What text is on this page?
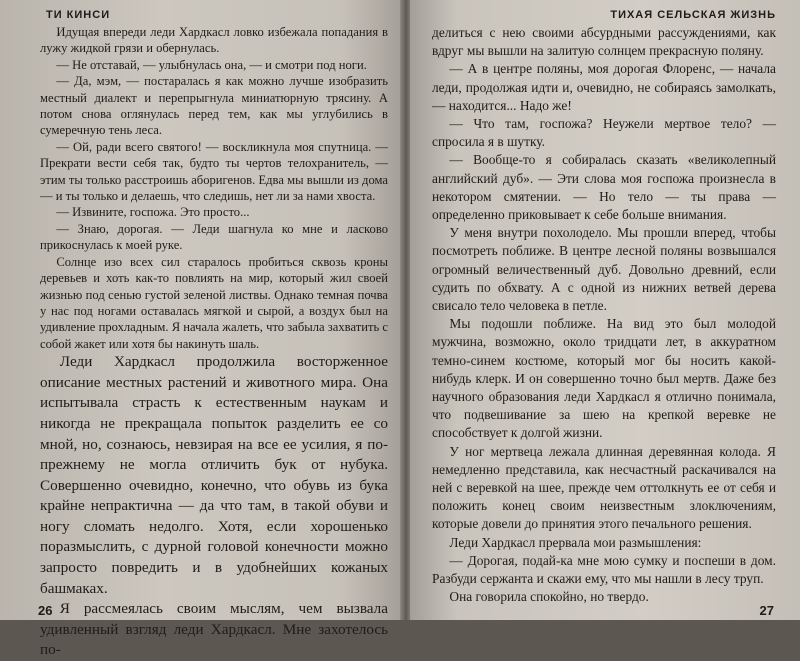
ТИ КИНСИ

Идущая впереди леди Хардкасл ловко избежала попадания в лужу жидкой грязи и обернулась.

— Не отставай, — улыбнулась она, — и смотри под ноги.

— Да, мэм, — постаралась я как можно лучше изобразить местный диалект и перепрыгнула миниатюрную трясину. А потом снова оглянулась перед тем, как мы углубились в сумеречную тень леса.

— Ой, ради всего святого! — воскликнула моя спутница. — Прекрати вести себя так, будто ты чертов телохранитель, — этим ты только расстроишь аборигенов. Едва мы вышли из дома — и ты только и делаешь, что следишь, нет ли за нами хвоста.

— Извините, госпожа. Это просто...

— Знаю, дорогая. — Леди шагнула ко мне и ласково прикоснулась к моей руке.

Солнце изо всех сил старалось пробиться сквозь кроны деревьев и хоть как-то повлиять на мир, который жил своей жизнью под сенью густой зеленой листвы. Однако темная почва у нас под ногами оставалась мягкой и сырой, а воздух был на удивление прохладным. Я начала жалеть, что забыла захватить с собой жакет или хотя бы накинуть шаль.

Леди Хардкасл продолжила восторженное описание местных растений и животного мира. Она испытывала страсть к естественным наукам и никогда не прекращала попыток разделить ее со мной, но, сознаюсь, невзирая на все ее усилия, я по-прежнему не могла отличить бук от нубука. Совершенно очевидно, конечно, что обувь из бука крайне непрактична — да что там, в такой обуви и ногу сломать недолго. Хотя, если хорошенько поразмыслить, с дурной головой конечности можно запросто повредить и в удобнейших кожаных башмаках.

Я рассмеялась своим мыслям, чем вызвала удивленный взгляд леди Хардкасл. Мне захотелось по-

26
ТИХАЯ СЕЛЬСКАЯ ЖИЗНЬ

делиться с нею своими абсурдными рассуждениями, как вдруг мы вышли на залитую солнцем прекрасную поляну.

— А в центре поляны, моя дорогая Флоренс, — начала леди, продолжая идти и, очевидно, не собираясь замолкать, — находится... Надо же!

— Что там, госпожа? Неужели мертвое тело? — спросила я в шутку.

— Вообще-то я собиралась сказать «великолепный английский дуб». — Эти слова моя госпожа произнесла в некотором смятении. — Но тело — ты права — определенно приковывает к себе больше внимания.

У меня внутри похолодело. Мы прошли вперед, чтобы посмотреть поближе. В центре лесной поляны возвышался огромный величественный дуб. Довольно древний, если судить по обхвату. А с одной из нижних ветвей дерева свисало тело человека в петле.

Мы подошли поближе. На вид это был молодой мужчина, возможно, около тридцати лет, в аккуратном темно-синем костюме, который мог бы носить какой-нибудь клерк. И он совершенно точно был мертв. Даже без научного образования леди Хардкасл я отлично понимала, что подвешивание за шею на крепкой веревке не способствует к долгой жизни.

У ног мертвеца лежала длинная деревянная колода. Я немедленно представила, как несчастный раскачивался на ней с веревкой на шее, прежде чем оттолкнуть ее от себя и положить конец своим неизвестным злоключениям, которые довели до принятия этого печального решения.

Леди Хардкасл прервала мои размышления:

— Дорогая, подай-ка мне мою сумку и поспеши в дом. Разбуди сержанта и скажи ему, что мы нашли в лесу труп.

Она говорила спокойно, но твердо.

27
